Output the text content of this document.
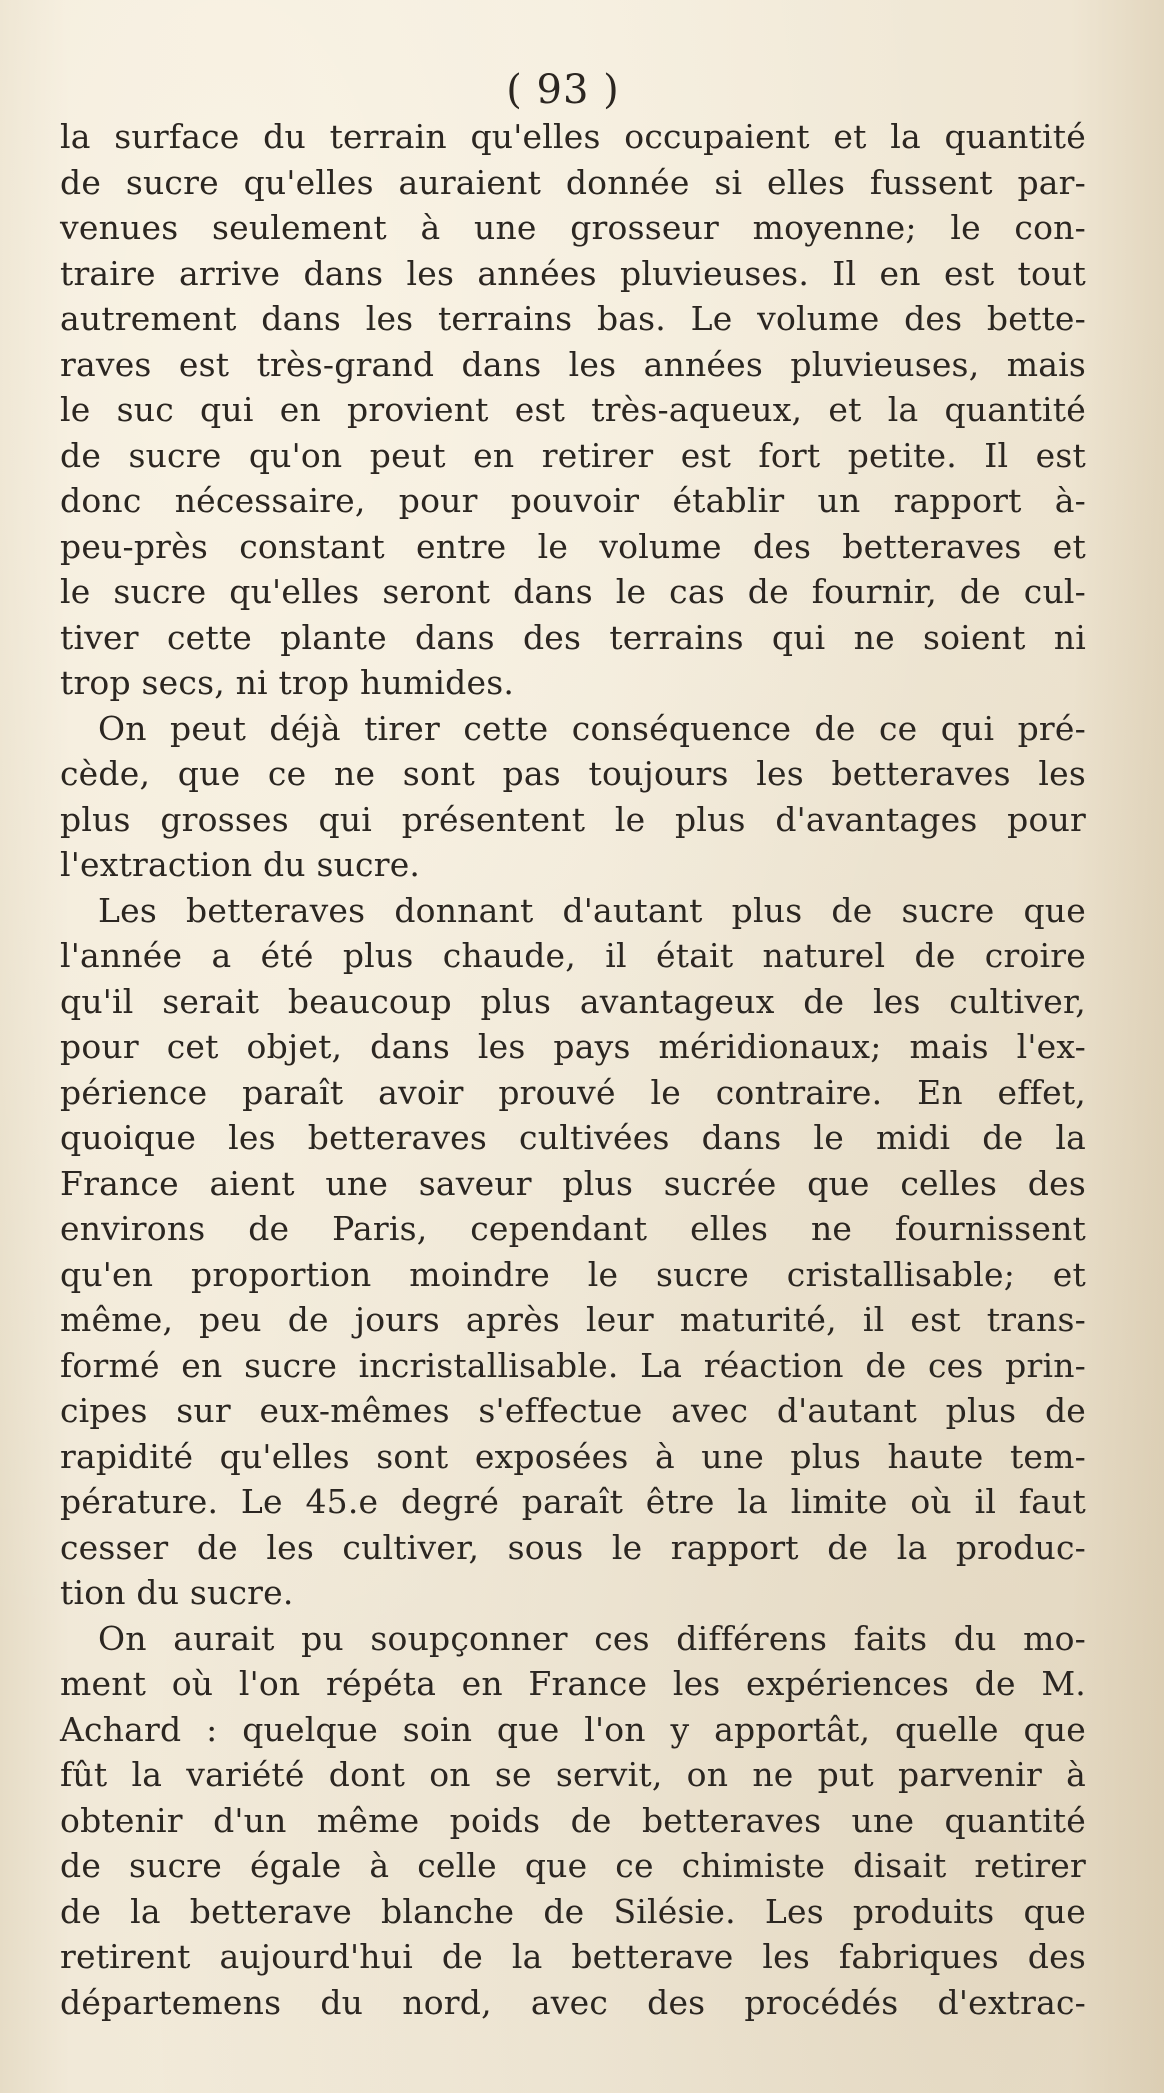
( 93 )
la surface du terrain qu'elles occupaient et la quantité
de sucre qu'elles auraient donnée si elles fussent par-
venues seulement à une grosseur moyenne; le con-
traire arrive dans les années pluvieuses. Il en est tout
autrement dans les terrains bas. Le volume des bette-
raves est très-grand dans les années pluvieuses, mais
le suc qui en provient est très-aqueux, et la quantité
de sucre qu'on peut en retirer est fort petite. Il est
donc nécessaire, pour pouvoir établir un rapport à-
peu-près constant entre le volume des betteraves et
le sucre qu'elles seront dans le cas de fournir, de cul-
tiver cette plante dans des terrains qui ne soient ni
trop secs, ni trop humides.
On peut déjà tirer cette conséquence de ce qui pré-
cède, que ce ne sont pas toujours les betteraves les
plus grosses qui présentent le plus d'avantages pour
l'extraction du sucre.
Les betteraves donnant d'autant plus de sucre que
l'année a été plus chaude, il était naturel de croire
qu'il serait beaucoup plus avantageux de les cultiver,
pour cet objet, dans les pays méridionaux; mais l'ex-
périence paraît avoir prouvé le contraire. En effet,
quoique les betteraves cultivées dans le midi de la
France aient une saveur plus sucrée que celles des
environs de Paris, cependant elles ne fournissent
qu'en proportion moindre le sucre cristallisable; et
même, peu de jours après leur maturité, il est trans-
formé en sucre incristallisable. La réaction de ces prin-
cipes sur eux-mêmes s'effectue avec d'autant plus de
rapidité qu'elles sont exposées à une plus haute tem-
pérature. Le 45.e degré paraît être la limite où il faut
cesser de les cultiver, sous le rapport de la produc-
tion du sucre.
On aurait pu soupçonner ces différens faits du mo-
ment où l'on répéta en France les expériences de M.
Achard : quelque soin que l'on y apportât, quelle que
fût la variété dont on se servit, on ne put parvenir à
obtenir d'un même poids de betteraves une quantité
de sucre égale à celle que ce chimiste disait retirer
de la betterave blanche de Silésie. Les produits que
retirent aujourd'hui de la betterave les fabriques des
départemens du nord, avec des procédés d'extrac-
